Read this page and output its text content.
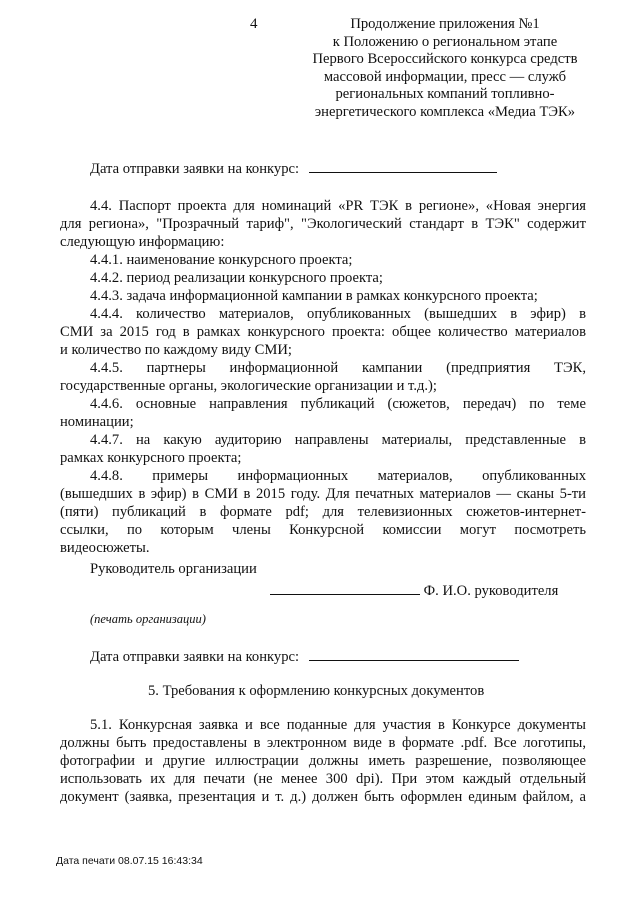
4	Продолжение приложения №1
к Положению о региональном этапе
Первого Всероссийского конкурса средств
массовой информации, пресс — служб
региональных компаний топливно-
энергетического комплекса «Медиа ТЭК»
Дата отправки заявки на конкурс:
4.4. Паспорт проекта для номинаций «PR ТЭК в регионе», «Новая энергия
для региона», "Прозрачный тариф", "Экологический стандарт в ТЭК" содержит
следующую информацию:
4.4.1. наименование конкурсного проекта;
4.4.2. период реализации конкурсного проекта;
4.4.3. задача информационной кампании в рамках конкурсного проекта;
4.4.4. количество материалов, опубликованных (вышедших в эфир) в
СМИ за 2015 год в рамках конкурсного проекта: общее количество материалов
и количество по каждому виду СМИ;
4.4.5. партнеры информационной кампании (предприятия ТЭК,
государственные органы, экологические организации и т.д.);
4.4.6. основные направления публикаций (сюжетов, передач) по теме
номинации;
4.4.7. на какую аудиторию направлены материалы, представленные в
рамках конкурсного проекта;
4.4.8. примеры информационных материалов, опубликованных
(вышедших в эфир) в СМИ в 2015 году. Для печатных материалов — сканы 5-ти
(пяти) публикаций в формате pdf; для телевизионных сюжетов-интернет-
ссылки, по которым члены Конкурсной комиссии могут посмотреть
видеосюжеты.
Руководитель организации
Ф. И.О. руководителя
(печать организации)
Дата отправки заявки на конкурс:
5. Требования к оформлению конкурсных документов
5.1. Конкурсная заявка и все поданные для участия в Конкурсе документы
должны быть предоставлены в электронном виде в формате .pdf. Все логотипы,
фотографии и другие иллюстрации должны иметь разрешение, позволяющее
использовать их для печати (не менее 300 dpi). При этом каждый отдельный
документ (заявка, презентация и т. д.) должен быть оформлен единым файлом, а
Дата печати 08.07.15 16:43:34
